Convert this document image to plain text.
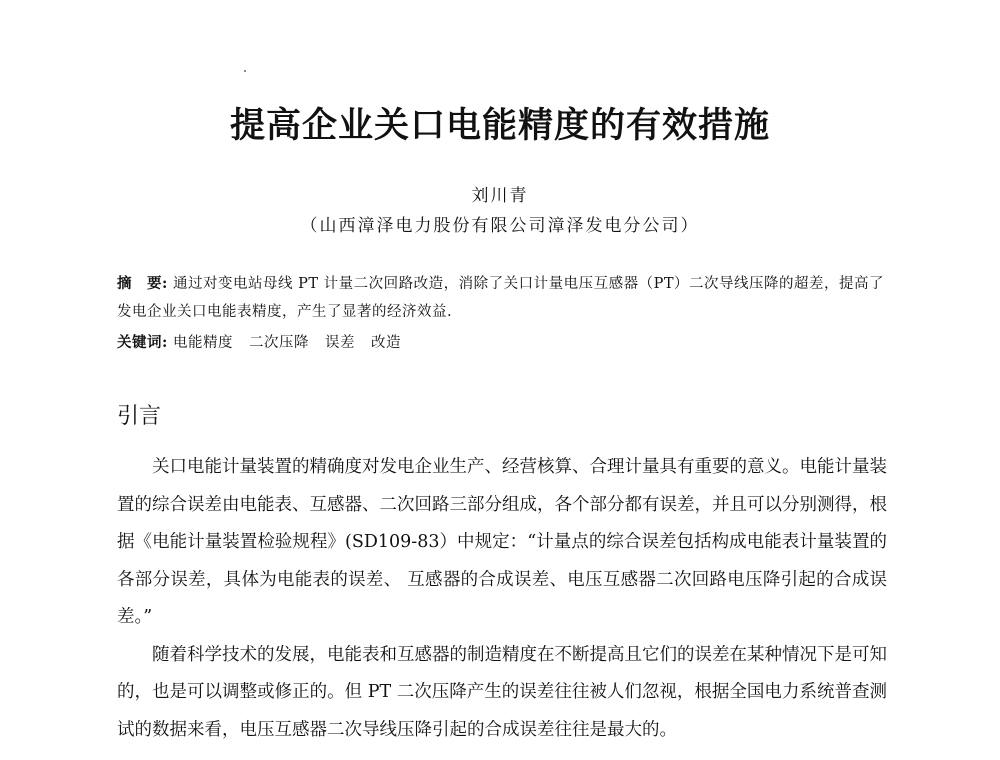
提高企业关口电能精度的有效措施
刘川青
（山西漳泽电力股份有限公司漳泽发电分公司）

摘　要: 通过对变电站母线 PT 计量二次回路改造，消除了关口计量电压互感器（PT）二次导线压降的超差，提高了发电企业关口电能表精度，产生了显著的经济效益.

关键词: 电能精度 二次压降 误差 改造

引言

关口电能计量装置的精确度对发电企业生产、经营核算、合理计量具有重要的意义。电能计量装置的综合误差由电能表、互感器、二次回路三部分组成，各个部分都有误差，并且可以分别测得，根据《电能计量装置检验规程》(SD109-83）中规定：“计量点的综合误差包括构成电能表计量装置的各部分误差，具体为电能表的误差、 互感器的合成误差、电压互感器二次回路电压降引起的合成误差。”

随着科学技术的发展，电能表和互感器的制造精度在不断提高且它们的误差在某种情况下是可知的，也是可以调整或修正的。但 PT 二次压降产生的误差往往被人们忽视，根据全国电力系统普查测试的数据来看，电压互感器二次导线压降引起的合成误差往往是最大的。
